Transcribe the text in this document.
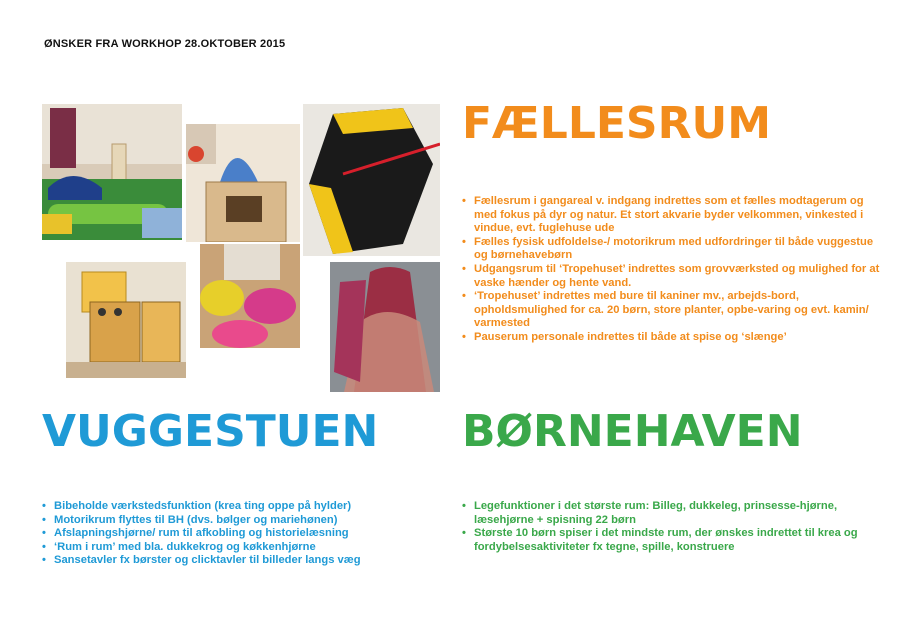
ØNSKER FRA WORKHOP 28.OKTOBER 2015
FÆLLESRUM
• Fællesrum i gangareal v. indgang indrettes som et fælles modtagerum og med fokus på dyr og natur. Et stort akvarie byder velkommen, vinkested i vindue, evt. fuglehuse ude
• Fælles fysisk udfoldelse-/ motorikrum med udfordringer til både vuggestue og børnehavebørn
• Udgangsrum til ‘Tropehuset’ indrettes som grovværksted og mulighed for at vaske hænder og hente vand.
• ‘Tropehuset’ indrettes med bure til kaniner mv., arbejds-bord, opholdsmulighed for ca. 20 børn, store planter, opbe-varing og evt. kamin/ varmested
• Pauserum personale indrettes til både at spise og ‘slænge’
VUGGESTUEN
• Bibeholde værkstedsfunktion (krea ting oppe på hylder)
• Motorikrum flyttes til BH (dvs. bølger og mariehønen)
• Afslapningshjørne/ rum til afkobling og historielæsning
• ‘Rum i rum’ med bla. dukkekrog og køkkenhjørne
• Sansetavler fx børster og clicktavler til billeder langs væg
BØRNEHAVEN
• Legefunktioner i det største rum: Billeg, dukkeleg, prinsesse-hjørne, læsehjørne + spisning 22 børn
• Største 10 børn spiser i det mindste rum, der ønskes indrettet til krea og fordybelsesaktiviteter fx tegne, spille, konstruere
